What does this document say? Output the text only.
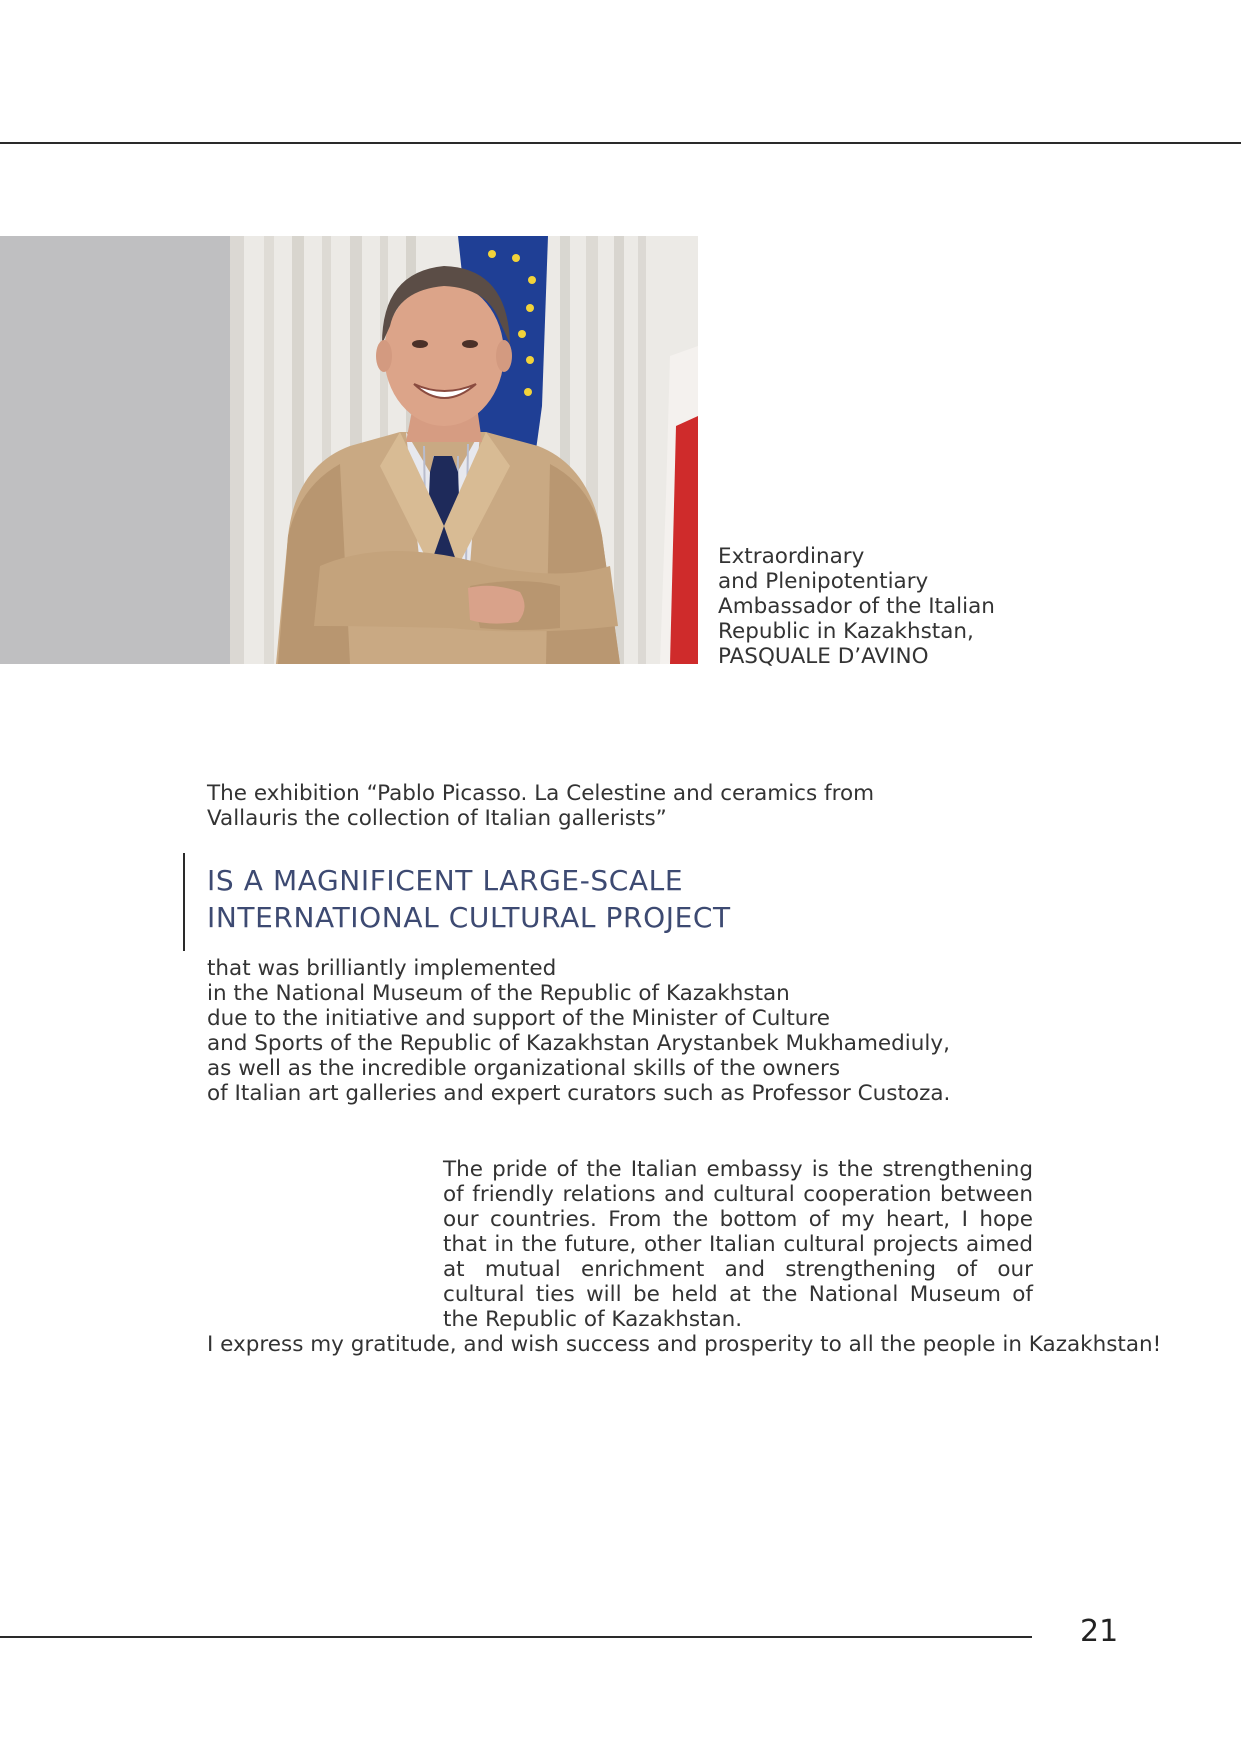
Extraordinary
and Plenipotentiary
Ambassador of the Italian
Republic in Kazakhstan,
PASQUALE D’AVINO
The exhibition “Pablo Picasso. La Celestine and ceramics from
Vallauris the collection of Italian gallerists”
IS A MAGNIFICENT LARGE-SCALE
INTERNATIONAL CULTURAL PROJECT
that was brilliantly implemented
in the National Museum of the Republic of Kazakhstan
due to the initiative and support of the Minister of Culture
and Sports of the Republic of Kazakhstan Arystanbek Mukhamediuly,
as well as the incredible organizational skills of the owners
of Italian art galleries and expert curators such as Professor Custoza.
The pride of the Italian embassy is the strengthening of friendly relations and cultural cooperation between our countries. From the bottom of my heart, I hope that in the future, other Italian cultural projects aimed at mutual enrichment and strengthening of our cultural ties will be held at the National Museum of the Republic of Kazakhstan.
I express my gratitude, and wish success and prosperity to all the people in Kazakhstan!
21
